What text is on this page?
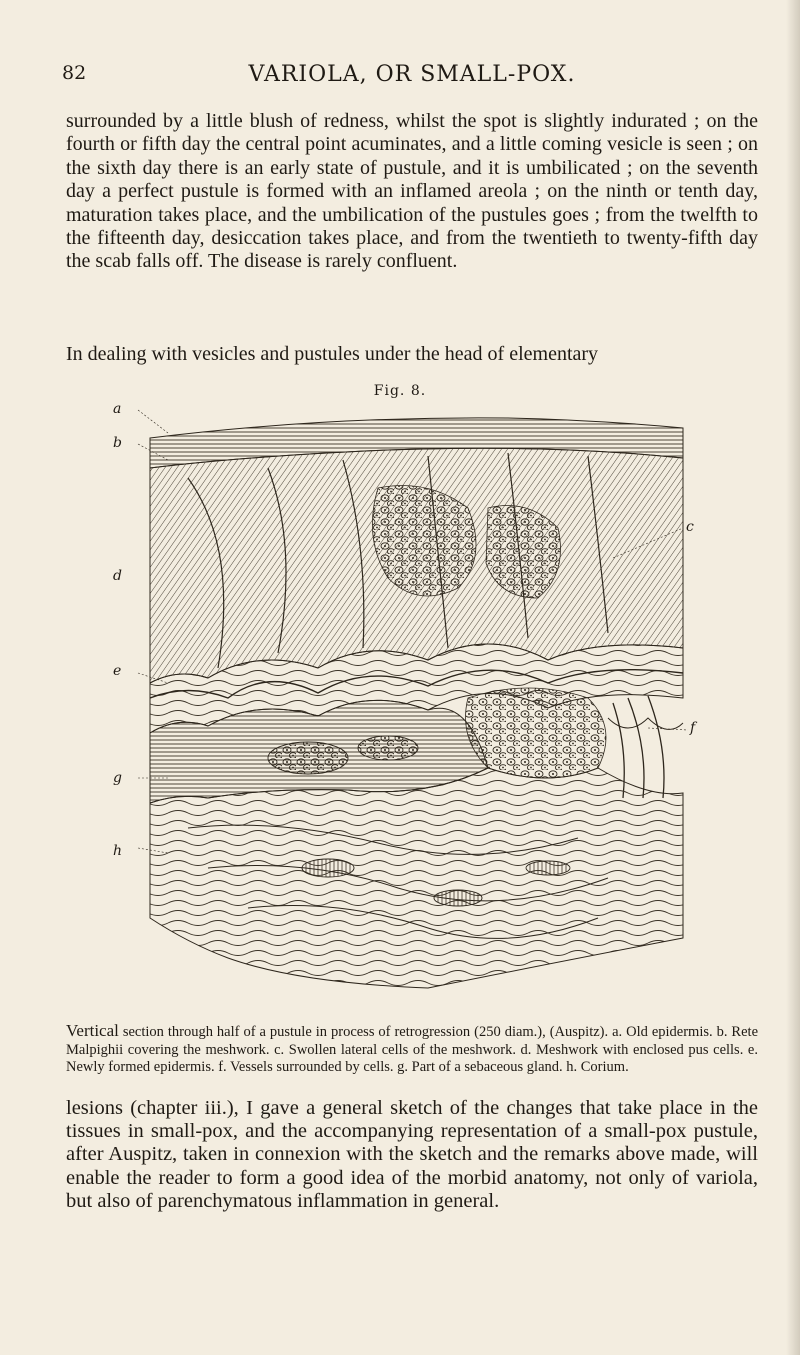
82	VARIOLA, OR SMALL-POX.

surrounded by a little blush of redness, whilst the spot is slightly indurated ; on the fourth or fifth day the central point acuminates, and a little coming vesicle is seen ; on the sixth day there is an early state of pustule, and it is umbilicated ; on the seventh day a perfect pustule is formed with an inflamed areola ; on the ninth or tenth day, maturation takes place, and the umbilication of the pustules goes ; from the twelfth to the fifteenth day, desiccation takes place, and from the twentieth to twenty-fifth day the scab falls off. The disease is rarely confluent.

In dealing with vesicles and pustules under the head of elementary

Fig. 8.
a
b
c
d
e
f
g
h
Vertical section through half of a pustule in process of retrogression (250 diam.), (Auspitz). a. Old epidermis. b. Rete Malpighii covering the meshwork. c. Swollen lateral cells of the meshwork. d. Meshwork with enclosed pus cells. e. Newly formed epidermis. f. Vessels surrounded by cells. g. Part of a sebaceous gland. h. Corium.

lesions (chapter iii.), I gave a general sketch of the changes that take place in the tissues in small-pox, and the accompanying representation of a small-pox pustule, after Auspitz, taken in connexion with the sketch and the remarks above made, will enable the reader to form a good idea of the morbid anatomy, not only of variola, but also of parenchymatous inflammation in general.
